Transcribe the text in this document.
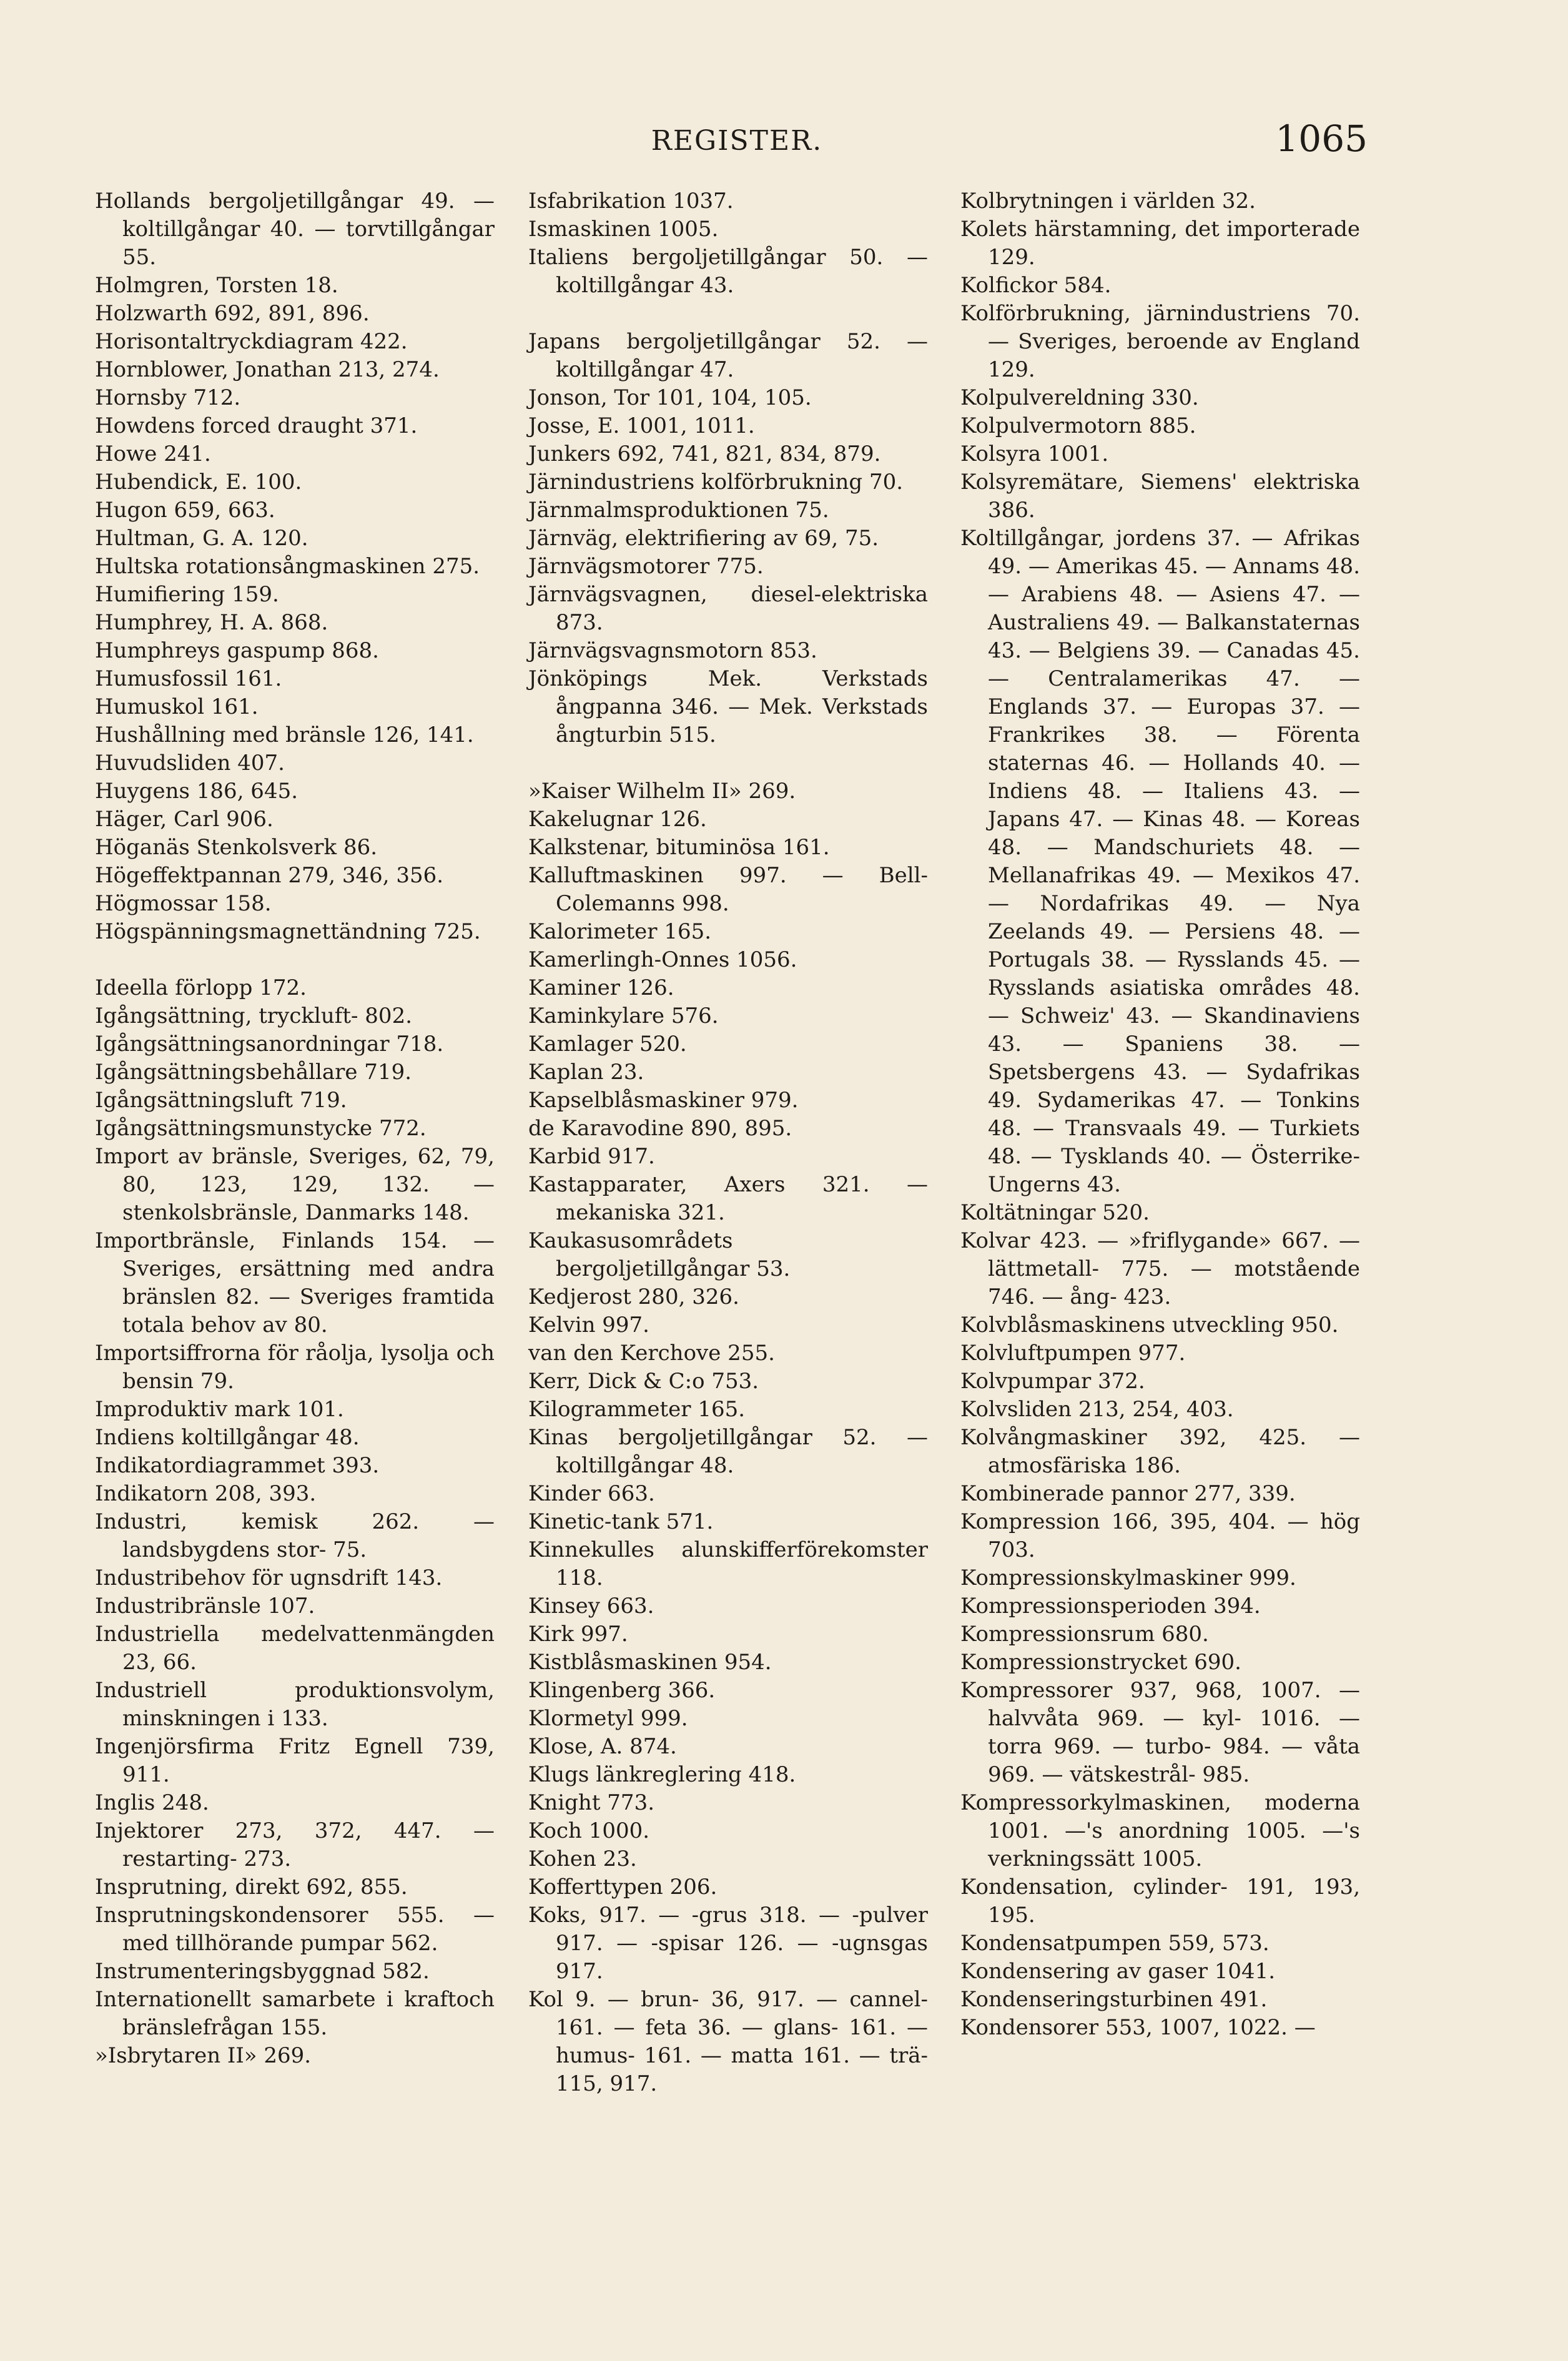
REGISTER.	1065
Hollands bergoljetillgångar 49. — koltillgångar 40. — torvtillgångar 55.
Holmgren, Torsten 18.
Holzwarth 692, 891, 896.
Horisontaltryckdiagram 422.
Hornblower, Jonathan 213, 274.
Hornsby 712.
Howdens forced draught 371.
Howe 241.
Hubendick, E. 100.
Hugon 659, 663.
Hultman, G. A. 120.
Hultska rotationsångmaskinen 275.
Humifiering 159.
Humphrey, H. A. 868.
Humphreys gaspump 868.
Humusfossil 161.
Humuskol 161.
Hushållning med bränsle 126, 141.
Huvudsliden 407.
Huygens 186, 645.
Häger, Carl 906.
Höganäs Stenkolsverk 86.
Högeffektpannan 279, 346, 356.
Högmossar 158.
Högspänningsmagnettändning 725.
Ideella förlopp 172.
Igångsättning, tryckluft- 802.
Igångsättningsanordningar 718.
Igångsättningsbehållare 719.
Igångsättningsluft 719.
Igångsättningsmunstycke 772.
Import av bränsle, Sveriges, 62, 79, 80, 123, 129, 132. — stenkolsbränsle, Danmarks 148.
Importbränsle, Finlands 154. — Sveriges, ersättning med andra bränslen 82. — Sveriges framtida totala behov av 80.
Importsiffrorna för råolja, lysolja och bensin 79.
Improduktiv mark 101.
Indiens koltillgångar 48.
Indikatordiagrammet 393.
Indikatorn 208, 393.
Industri, kemisk 262. — landsbygdens stor- 75.
Industribehov för ugnsdrift 143.
Industribränsle 107.
Industriella medelvattenmängden 23, 66.
Industriell produktionsvolym, minskningen i 133.
Ingenjörsfirma Fritz Egnell 739, 911.
Inglis 248.
Injektorer 273, 372, 447. — restarting- 273.
Insprutning, direkt 692, 855.
Insprutningskondensorer 555. — med tillhörande pumpar 562.
Instrumenteringsbyggnad 582.
Internationellt samarbete i kraftoch bränslefrågan 155.
»Isbrytaren II» 269.
Isfabrikation 1037.
Ismaskinen 1005.
Italiens bergoljetillgångar 50. — koltillgångar 43.
Japans bergoljetillgångar 52. — koltillgångar 47.
Jonson, Tor 101, 104, 105.
Josse, E. 1001, 1011.
Junkers 692, 741, 821, 834, 879.
Järnindustriens kolförbrukning 70.
Järnmalmsproduktionen 75.
Järnväg, elektrifiering av 69, 75.
Järnvägsmotorer 775.
Järnvägsvagnen, diesel-elektriska 873.
Järnvägsvagnsmotorn 853.
Jönköpings Mek. Verkstads ångpanna 346. — Mek. Verkstads ångturbin 515.
»Kaiser Wilhelm II» 269.
Kakelugnar 126.
Kalkstenar, bituminösa 161.
Kalluftmaskinen 997. — Bell-Colemanns 998.
Kalorimeter 165.
Kamerlingh-Onnes 1056.
Kaminer 126.
Kaminkylare 576.
Kamlager 520.
Kaplan 23.
Kapselblåsmaskiner 979.
de Karavodine 890, 895.
Karbid 917.
Kastapparater, Axers 321. — mekaniska 321.
Kaukasusområdets bergoljetillgångar 53.
Kedjerost 280, 326.
Kelvin 997.
van den Kerchove 255.
Kerr, Dick & C:o 753.
Kilogrammeter 165.
Kinas bergoljetillgångar 52. — koltillgångar 48.
Kinder 663.
Kinetic-tank 571.
Kinnekulles alunskifferförekomster 118.
Kinsey 663.
Kirk 997.
Kistblåsmaskinen 954.
Klingenberg 366.
Klormetyl 999.
Klose, A. 874.
Klugs länkreglering 418.
Knight 773.
Koch 1000.
Kohen 23.
Kofferttypen 206.
Koks, 917. — -grus 318. — -pulver 917. — -spisar 126. — -ugnsgas 917.
Kol 9. — brun- 36, 917. — cannel- 161. — feta 36. — glans- 161. — humus- 161. — matta 161. — trä- 115, 917.
Kolbrytningen i världen 32.
Kolets härstamning, det importerade 129.
Kolfickor 584.
Kolförbrukning, järnindustriens 70. — Sveriges, beroende av England 129.
Kolpulvereldning 330.
Kolpulvermotorn 885.
Kolsyra 1001.
Kolsyremätare, Siemens' elektriska 386.
Koltillgångar, jordens 37. — Afrikas 49. — Amerikas 45. — Annams 48. — Arabiens 48. — Asiens 47. — Australiens 49. — Balkanstaternas 43. — Belgiens 39. — Canadas 45. — Centralamerikas 47. — Englands 37. — Europas 37. — Frankrikes 38. — Förenta staternas 46. — Hollands 40. — Indiens 48. — Italiens 43. — Japans 47. — Kinas 48. — Koreas 48. — Mandschuriets 48. — Mellanafrikas 49. — Mexikos 47. — Nordafrikas 49. — Nya Zeelands 49. — Persiens 48. — Portugals 38. — Rysslands 45. — Rysslands asiatiska områdes 48. — Schweiz' 43. — Skandinaviens 43. — Spaniens 38. — Spetsbergens 43. — Sydafrikas 49. Sydamerikas 47. — Tonkins 48. — Transvaals 49. — Turkiets 48. — Tysklands 40. — Österrike-Ungerns 43.
Koltätningar 520.
Kolvar 423. — »friflygande» 667. — lättmetall- 775. — motstående 746. — ång- 423.
Kolvblåsmaskinens utveckling 950.
Kolvluftpumpen 977.
Kolvpumpar 372.
Kolvsliden 213, 254, 403.
Kolvångmaskiner 392, 425. — atmosfäriska 186.
Kombinerade pannor 277, 339.
Kompression 166, 395, 404. — hög 703.
Kompressionskylmaskiner 999.
Kompressionsperioden 394.
Kompressionsrum 680.
Kompressionstrycket 690.
Kompressorer 937, 968, 1007. — halvvåta 969. — kyl- 1016. — torra 969. — turbo- 984. — våta 969. — vätskestrål- 985.
Kompressorkylmaskinen, moderna 1001. —'s anordning 1005. —'s verkningssätt 1005.
Kondensation, cylinder- 191, 193, 195.
Kondensatpumpen 559, 573.
Kondensering av gaser 1041.
Kondenseringsturbinen 491.
Kondensorer 553, 1007, 1022. —
